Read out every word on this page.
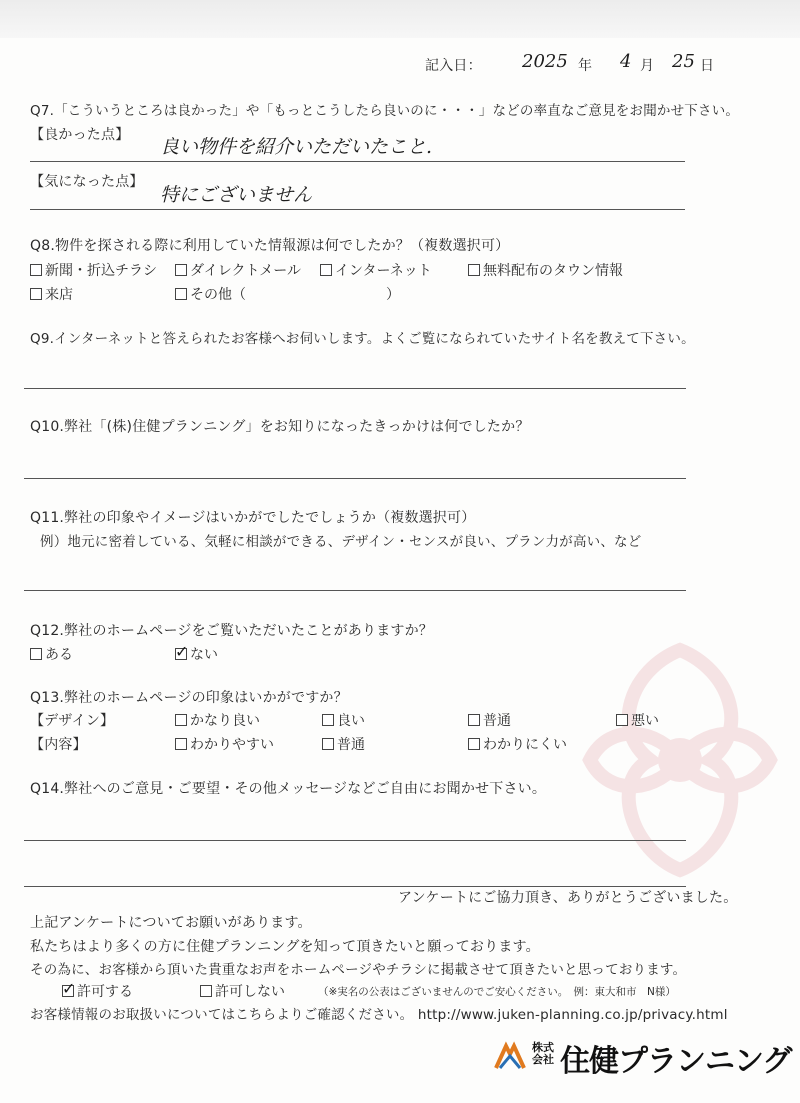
記入日： 2025 年 4 月 25 日
Q7.「こういうところは良かった」や「もっとこうしたら良いのに・・・」などの率直なご意見をお聞かせ下さい。
【良かった点】
良い物件を紹介いただいたこと.
【気になった点】
特にございません
Q8.物件を探される際に利用していた情報源は何でしたか？（複数選択可）
新聞・折込チラシ	ダイレクトメール	インターネット	無料配布のタウン情報
来店	その他（	）
Q9.インターネットと答えられたお客様へお伺いします。よくご覧になられていたサイト名を教えて下さい。
Q10.弊社「(株)住健プランニング」をお知りになったきっかけは何でしたか？
Q11.弊社の印象やイメージはいかがでしたでしょうか（複数選択可）
例）地元に密着している、気軽に相談ができる、デザイン・センスが良い、プラン力が高い、など
Q12.弊社のホームページをご覧いただいたことがありますか？
ある
✓	ない
Q13.弊社のホームページの印象はいかがですか？
【デザイン】	かなり良い	良い	普通	悪い
【内容】	わかりやすい	普通	わかりにくい
Q14.弊社へのご意見・ご要望・その他メッセージなどご自由にお聞かせ下さい。
アンケートにご協力頂き、ありがとうございました。
上記アンケートについてお願いがあります。
私たちはより多くの方に住健プランニングを知って頂きたいと願っております。
その為に、お客様から頂いた貴重なお声をホームページやチラシに掲載させて頂きたいと思っております。
✓許可する	許可しない	（※実名の公表はございませんのでご安心ください。　例：東大和市　N様）
お客様情報のお取扱いについてはこちらよりご確認ください。 http://www.juken-planning.co.jp/privacy.html
株式
会社 住健プランニング
